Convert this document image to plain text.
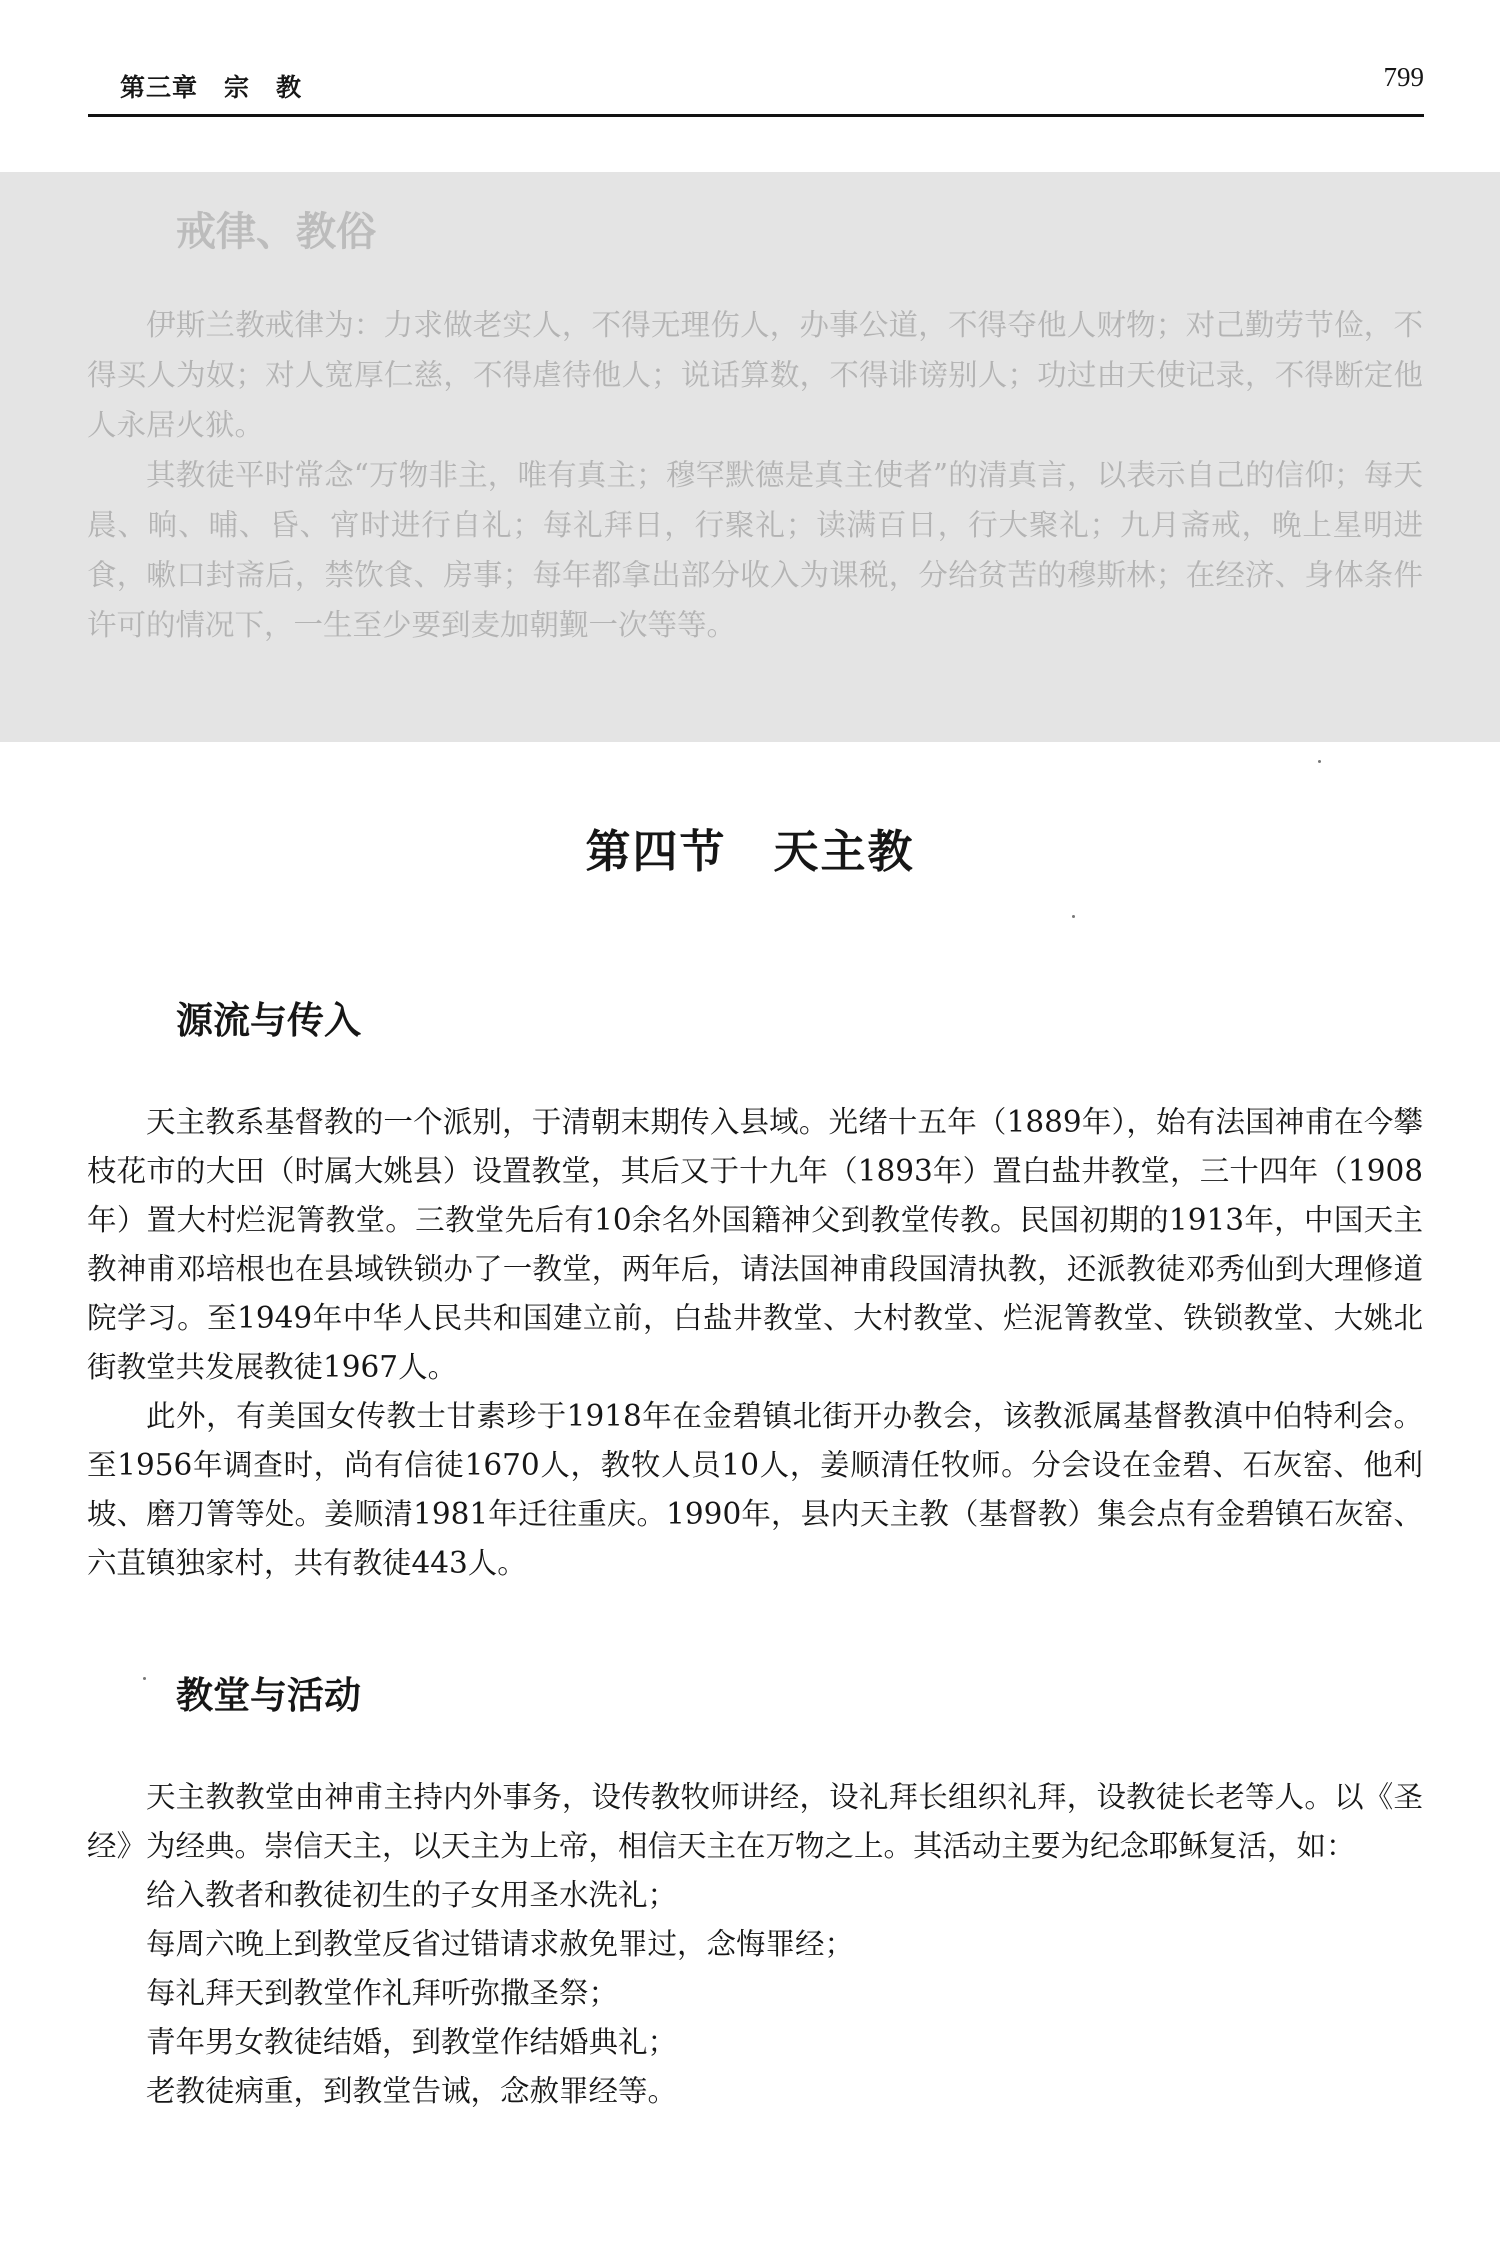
第三章　宗　教	799
戒律、教俗

伊斯兰教戒律为：力求做老实人，不得无理伤人，办事公道，不得夺他人财物；对己勤劳节俭，不得买人为奴；对人宽厚仁慈，不得虐待他人；说话算数，不得诽谤别人；功过由天使记录，不得断定他人永居火狱。

其教徒平时常念“万物非主，唯有真主；穆罕默德是真主使者”的清真言，以表示自己的信仰；每天晨、晌、晡、昏、宵时进行自礼；每礼拜日，行聚礼；读满百日，行大聚礼；九月斋戒，晚上星明进食，嗽口封斋后，禁饮食、房事；每年都拿出部分收入为课税，分给贫苦的穆斯林；在经济、身体条件许可的情况下，一生至少要到麦加朝觐一次等等。

第四节　天主教
源流与传入

天主教系基督教的一个派别，于清朝末期传入县域。光绪十五年（1889年），始有法国神甫在今攀枝花市的大田（时属大姚县）设置教堂，其后又于十九年（1893年）置白盐井教堂，三十四年（1908年）置大村烂泥箐教堂。三教堂先后有10余名外国籍神父到教堂传教。民国初期的1913年，中国天主教神甫邓培根也在县域铁锁办了一教堂，两年后，请法国神甫段国清执教，还派教徒邓秀仙到大理修道院学习。至1949年中华人民共和国建立前，白盐井教堂、大村教堂、烂泥箐教堂、铁锁教堂、大姚北街教堂共发展教徒1967人。

此外，有美国女传教士甘素珍于1918年在金碧镇北街开办教会，该教派属基督教滇中伯特利会。至1956年调查时，尚有信徒1670人，教牧人员10人，姜顺清任牧师。分会设在金碧、石灰窑、他利坡、磨刀箐等处。姜顺清1981年迁往重庆。1990年，县内天主教（基督教）集会点有金碧镇石灰窑、六苴镇独家村，共有教徒443人。

教堂与活动

天主教教堂由神甫主持内外事务，设传教牧师讲经，设礼拜长组织礼拜，设教徒长老等人。以《圣经》为经典。崇信天主，以天主为上帝，相信天主在万物之上。其活动主要为纪念耶稣复活，如：

给入教者和教徒初生的子女用圣水洗礼；
每周六晚上到教堂反省过错请求赦免罪过，念悔罪经；
每礼拜天到教堂作礼拜听弥撒圣祭；
青年男女教徒结婚，到教堂作结婚典礼；
老教徒病重，到教堂告诫，念赦罪经等。
